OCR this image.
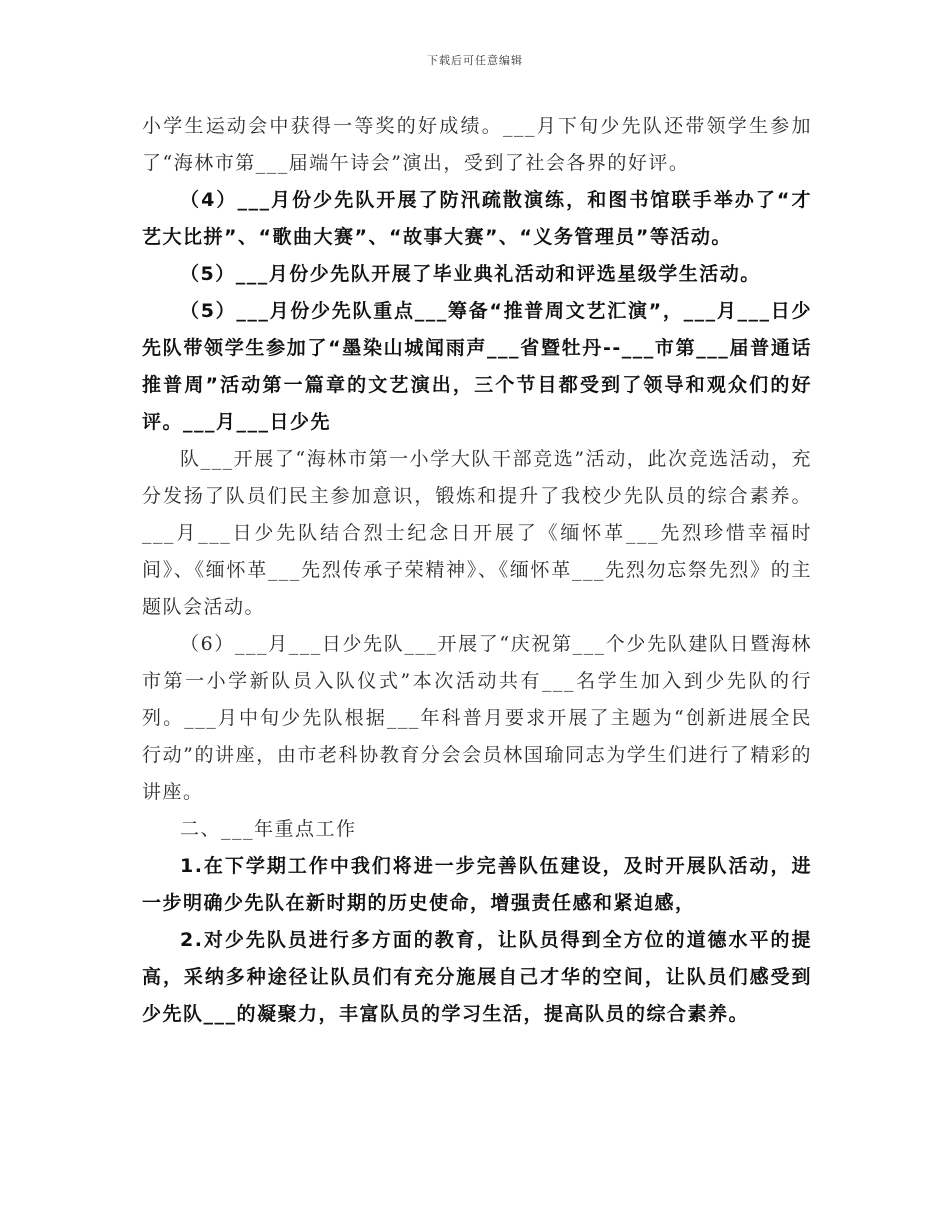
下载后可任意编辑

小学生运动会中获得一等奖的好成绩。___月下旬少先队还带领学生参加了“海林市第___届端午诗会”演出，受到了社会各界的好评。

（4）___月份少先队开展了防汛疏散演练，和图书馆联手举办了“才艺大比拼”、“歌曲大赛”、“故事大赛”、“义务管理员”等活动。

（5）___月份少先队开展了毕业典礼活动和评选星级学生活动。

（5）___月份少先队重点___筹备“推普周文艺汇演”，___月___日少先队带领学生参加了“墨染山城闻雨声___省暨牡丹--___市第___届普通话推普周”活动第一篇章的文艺演出，三个节目都受到了领导和观众们的好评。___月___日少先

队___开展了“海林市第一小学大队干部竞选”活动，此次竞选活动，充分发扬了队员们民主参加意识，锻炼和提升了我校少先队员的综合素养。___月___日少先队结合烈士纪念日开展了《缅怀革___先烈珍惜幸福时间》、《缅怀革___先烈传承子荣精神》、《缅怀革___先烈勿忘祭先烈》的主题队会活动。

（6）___月___日少先队___开展了“庆祝第___个少先队建队日暨海林市第一小学新队员入队仪式”本次活动共有___名学生加入到少先队的行列。___月中旬少先队根据___年科普月要求开展了主题为“创新进展全民行动”的讲座，由市老科协教育分会会员林国瑜同志为学生们进行了精彩的讲座。

二、___年重点工作

1.在下学期工作中我们将进一步完善队伍建设，及时开展队活动，进一步明确少先队在新时期的历史使命，增强责任感和紧迫感，

2.对少先队员进行多方面的教育，让队员得到全方位的道德水平的提高，采纳多种途径让队员们有充分施展自己才华的空间，让队员们感受到少先队___的凝聚力，丰富队员的学习生活，提高队员的综合素养。
